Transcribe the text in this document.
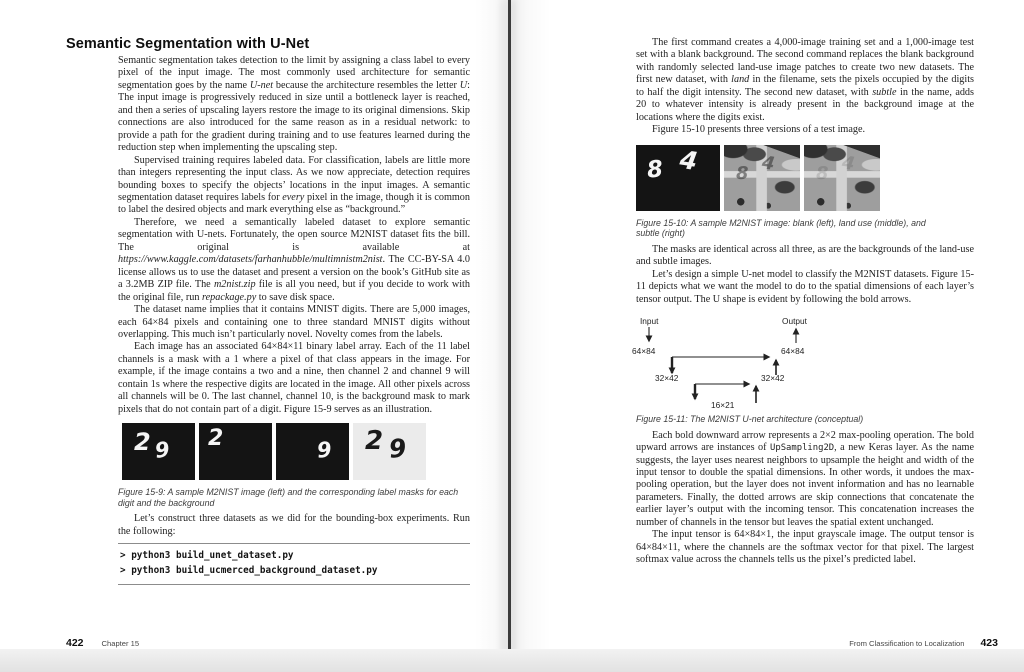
Semantic Segmentation with U-Net

Semantic segmentation takes detection to the limit by assigning a class label to every pixel of the input image. The most commonly used architecture for semantic segmentation goes by the name U-net because the architecture resembles the letter U: The input image is progressively reduced in size until a bottleneck layer is reached, and then a series of upscaling layers restore the image to its original dimensions. Skip connections are also introduced for the same reason as in a residual network: to provide a path for the gradient during training and to use features learned during the reduction step when implementing the upscaling step.

Supervised training requires labeled data. For classification, labels are little more than integers representing the input class. As we now appreciate, detection requires bounding boxes to specify the objects’ locations in the input images. A semantic segmentation dataset requires labels for every pixel in the image, though it is common to label the desired objects and mark everything else as “background.”

Therefore, we need a semantically labeled dataset to explore semantic segmentation with U-nets. Fortunately, the open source M2NIST dataset fits the bill. The original is available at https://www.kaggle.com/datasets/farhanhubble/multimnistm2nist. The CC-BY-SA 4.0 license allows us to use the dataset and present a version on the book’s GitHub site as a 3.2MB ZIP file. The m2nist.zip file is all you need, but if you decide to work with the original file, run repackage.py to save disk space.

The dataset name implies that it contains MNIST digits. There are 5,000 images, each 64×84 pixels and containing one to three standard MNIST digits without overlapping. This much isn’t particularly novel. Novelty comes from the labels.

Each image has an associated 64×84×11 binary label array. Each of the 11 label channels is a mask with a 1 where a pixel of that class appears in the image. For example, if the image contains a two and a nine, then channel 2 and channel 9 will contain 1s where the respective digits are located in the image. All other pixels across all channels will be 0. The last channel, channel 10, is the background mask to mark pixels that do not contain part of a digit. Figure 15-9 serves as an illustration.

2 9 2	9 2 9

Figure 15-9: A sample M2NIST image (left) and the corresponding label masks for each digit and the background

Let’s construct three datasets as we did for the bounding-box experiments. Run the following:

> python3 build_unet_dataset.py
> python3 build_ucmerced_background_dataset.py
422 Chapter 15

The first command creates a 4,000-image training set and a 1,000-image test set with a blank background. The second command replaces the blank background with randomly selected land-use image patches to create two new datasets. The first new dataset, with land in the filename, sets the pixels occupied by the digits to half the digit intensity. The second new dataset, with subtle in the name, adds 20 to whatever intensity is already present in the background image at the locations where the digits exist.

Figure 15-10 presents three versions of a test image.

8 4 8 4 8 4

Figure 15-10: A sample M2NIST image: blank (left), land use (middle), and subtle (right)

The masks are identical across all three, as are the backgrounds of the land-use and subtle images.

Let’s design a simple U-net model to classify the M2NIST datasets. Figure 15-11 depicts what we want the model to do to the spatial dimensions of each layer’s tensor output. The U shape is evident by following the bold arrows.

Input
64×84
32×42
16×21
32×42
64×84
Output

Figure 15-11: The M2NIST U-net architecture (conceptual)

Each bold downward arrow represents a 2×2 max-pooling operation. The bold upward arrows are instances of UpSampling2D, a new Keras layer. As the name suggests, the layer uses nearest neighbors to upsample the height and width of the input tensor to double the spatial dimensions. In other words, it undoes the max-pooling operation, but the layer does not invent information and has no learnable parameters. Finally, the dotted arrows are skip connections that concatenate the earlier layer’s output with the incoming tensor. This concatenation increases the number of channels in the tensor but leaves the spatial extent unchanged.

The input tensor is 64×84×1, the input grayscale image. The output tensor is 64×84×11, where the channels are the softmax vector for that pixel. The largest softmax value across the channels tells us the pixel’s predicted label.

From Classification to Localization 423
